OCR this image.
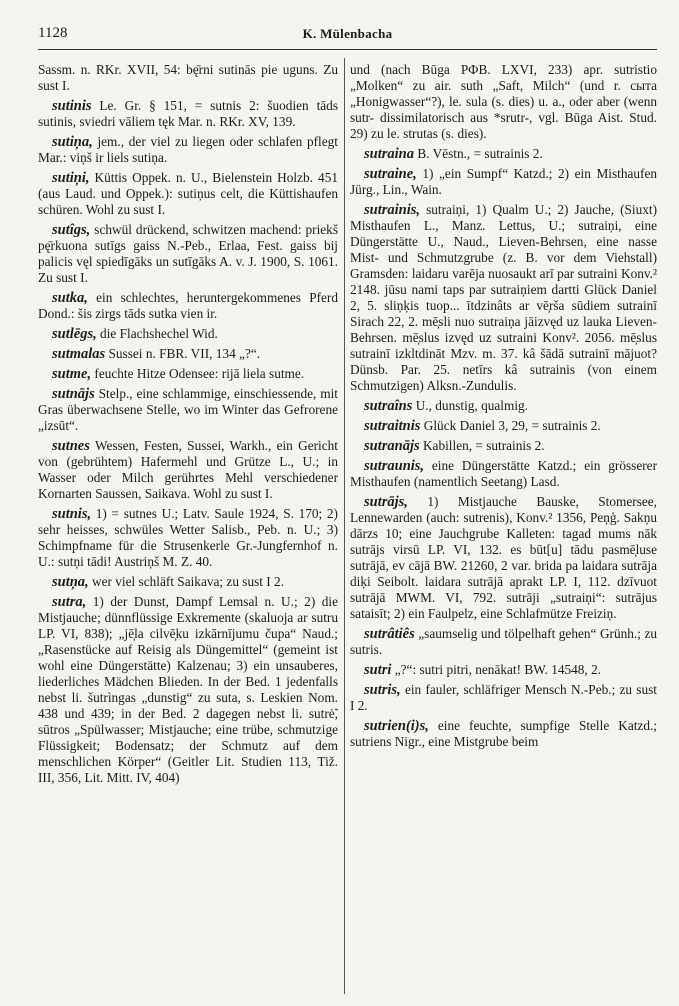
1128	K. Mülenbacha

Sassm. n. RKr. XVII, 54: bę̄rni sutinās pie uguns. Zu sust I.

sutinis Le. Gr. § 151, = sutnis 2: šuodien tāds sutinis, sviedri vāliem tęk Mar. n. RKr. XV, 139.

sutiņa, jem., der viel zu liegen oder schlafen pflegt Mar.: viņš ir liels sutiņa.

sutiņi, Küttis Oppek. n. U., Bielenstein Holzb. 451 (aus Laud. und Oppek.): sutiņus celt, die Küttishaufen schüren. Wohl zu sust I.

sutîgs, schwül drückend, schwitzen machend: priekš pę̄rkuona sutīgs gaiss N.-Peb., Erlaa, Fest. gaiss bij palicis vęl spiedīgāks un sutīgāks A. v. J. 1900, S. 1061. Zu sust I.

sutka, ein schlechtes, heruntergekommenes Pferd Dond.: šis zirgs tāds sutka vien ir.

sutlēgs, die Flachshechel Wid.

sutmalas Sussei n. FBR. VII, 134 „?“.

sutme, feuchte Hitze Odensee: rijā liela sutme.

sutnājs Stelp., eine schlammige, einschiessende, mit Gras überwachsene Stelle, wo im Winter das Gefrorene „izsūt“.

sutnes Wessen, Festen, Sussei, Warkh., ein Gericht von (gebrühtem) Hafermehl und Grütze L., U.; in Wasser oder Milch gerührtes Mehl verschiedener Kornarten Saussen, Saikava. Wohl zu sust I.

sutnis, 1) = sutnes U.; Latv. Saule 1924, S. 170; 2) sehr heisses, schwüles Wetter Salisb., Peb. n. U.; 3) Schimpfname für die Strusenkerle Gr.-Jungfernhof n. U.: sutņi tādi! Austriņš M. Z. 40.

sutņa, wer viel schläft Saikava; zu sust I 2.

sutra, 1) der Dunst, Dampf Lemsal n. U.; 2) die Mistjauche; dünnflüssige Exkremente (skaluoja ar sutru LP. VI, 838); „jē̦la cilvē̦ku izkārnījumu čupa“ Naud.; „Rasenstücke auf Reisig als Düngemittel“ (gemeint ist wohl eine Düngerstätte) Kalzenau; 3) ein unsauberes, liederliches Mädchen Blieden. In der Bed. 1 jedenfalls nebst li. šutrìngas „dunstig“ zu suta, s. Leskien Nom. 438 und 439; in der Bed. 2 dagegen nebst li. sutrė̃, sūtros „Spülwasser; Mistjauche; eine trübe, schmutzige Flüssigkeit; Bodensatz; der Schmutz auf dem menschlichen Körper“ (Geitler Lit. Studien 113, Tiž. III, 356, Lit. Mitt. IV, 404)

und (nach Būga РФВ. LXVI, 233) apr. sutristio „Molken“ zu air. suth „Saft, Milch“ (und r. сыта „Honigwasser“?), le. sula (s. dies) u. a., oder aber (wenn sutr- dissimilatorisch aus *srutr-, vgl. Būga Aist. Stud. 29) zu le. strutas (s. dies).

sutraina B. Vēstn., = sutrainis 2.

sutraine, 1) „ein Sumpf“ Katzd.; 2) ein Misthaufen Jürg., Lin., Wain.

sutrainis, sutraiņi, 1) Qualm U.; 2) Jauche, (Siuxt) Misthaufen L., Manz. Lettus, U.; sutraiņi, eine Düngerstätte U., Naud., Lieven-Behrsen, eine nasse Mist- und Schmutzgrube (z. B. vor dem Viehstall) Gramsden: laidaru varēja nuosaukt arī par sutraini Konv.² 2148. jūsu nami taps par sutraiņiem dartti Glück Daniel 2, 5. sliņķis tuop... ītdzinâts ar vē̦rša sūdiem sutrainī Sirach 22, 2. mē̦sli nuo sutraiņa jāizvęd uz lauka Lieven-Behrsen. mē̦slus izvęd uz sutraini Konv². 2056. mē̦slus sutrainī izkltdināt Mzv. m. 37. kâ šādā sutrainī mājuot? Dünsb. Par. 25. netīrs kâ sutrainis (von einem Schmutzigen) Alksn.-Zundulis.

sutraîns U., dunstig, qualmig.

sutraitnis Glück Daniel 3, 29, = sutrainis 2.

sutranājs Kabillen, = sutrainis 2.

sutraunis, eine Düngerstätte Katzd.; ein grösserer Misthaufen (namentlich Seetang) Lasd.

sutrājs, 1) Mistjauche Bauske, Stomersee, Lennewarden (auch: sutrenis), Konv.² 1356, Peņģ. Sakņu dārzs 10; eine Jauchgrube Kalleten: tagad mums nāk sutrājs virsū LP. VI, 132. es būt[u] tādu pasmē̦luse sutrājā, ev cājā BW. 21260, 2 var. brida pa laidara sutrāja diķi Seibolt. laidara sutrājā aprakt LP. I, 112. dzīvuot sutrājā MWM. VI, 792. sutrāji „sutraiņi“: sutrājus sataisīt; 2) ein Faulpelz, eine Schlafmütze Freiziņ.

sutrâtiês „saumselig und tölpelhaft gehen“ Grünh.; zu sutris.

sutri „?“: sutri pitri, nenākat! BW. 14548, 2.

sutris, ein fauler, schläfriger Mensch N.-Peb.; zu sust I 2.

sutrien(i)s, eine feuchte, sumpfige Stelle Katzd.; sutriens Nigr., eine Mistgrube beim
